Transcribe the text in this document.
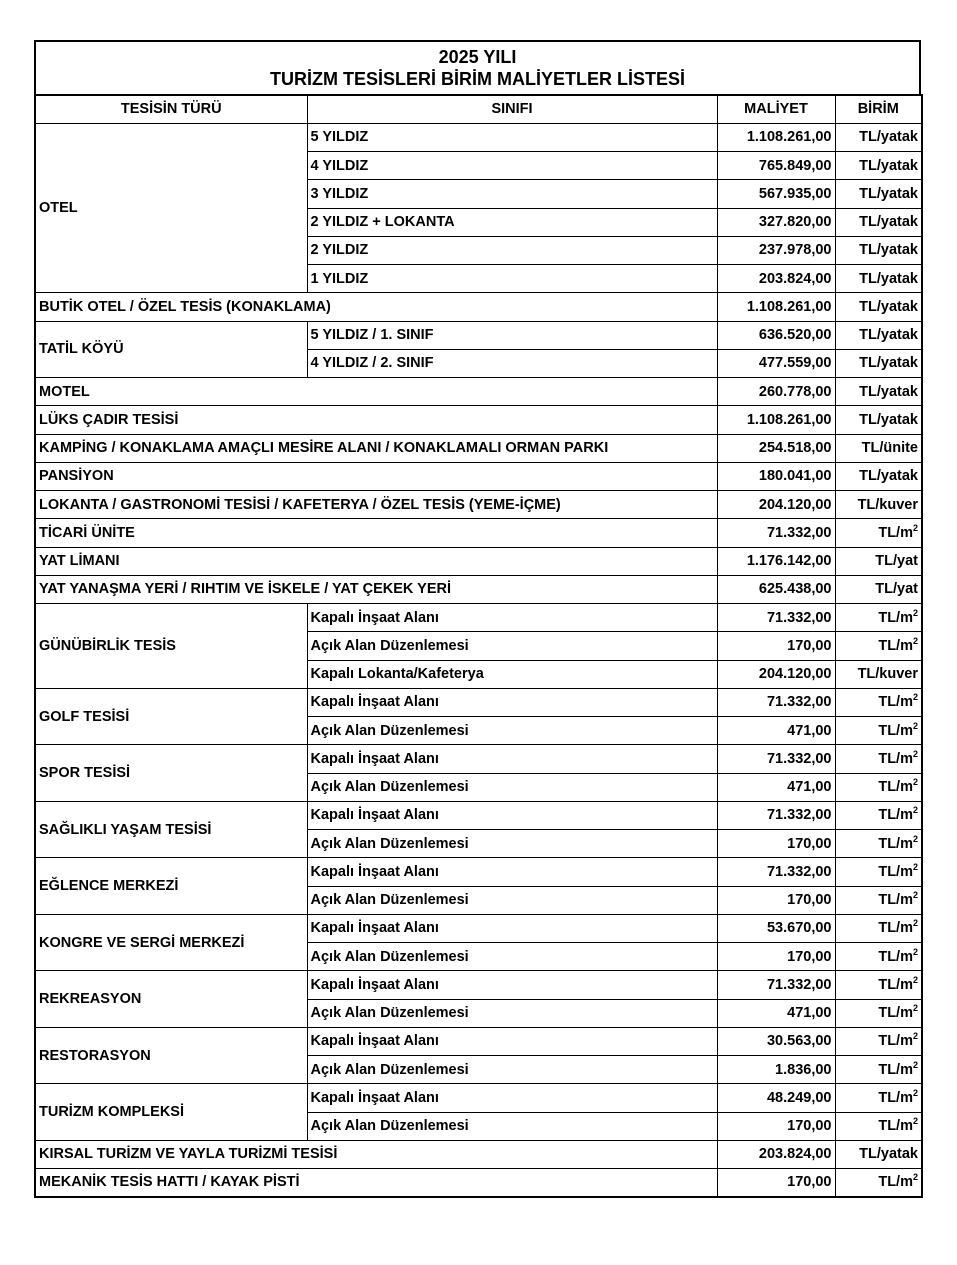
2025 YILI
TURİZM TESİSLERİ BİRİM MALİYETLER LİSTESİ
TESİSİN TÜRÜ	SINIFI	MALİYET	BİRİM
OTEL	5 YILDIZ	1.108.261,00	TL/yatak
	4 YILDIZ	765.849,00	TL/yatak
	3 YILDIZ	567.935,00	TL/yatak
	2 YILDIZ + LOKANTA	327.820,00	TL/yatak
	2 YILDIZ	237.978,00	TL/yatak
	1 YILDIZ	203.824,00	TL/yatak
BUTİK OTEL / ÖZEL TESİS (KONAKLAMA)		1.108.261,00	TL/yatak
TATİL KÖYÜ	5 YILDIZ / 1. SINIF	636.520,00	TL/yatak
	4 YILDIZ / 2. SINIF	477.559,00	TL/yatak
MOTEL		260.778,00	TL/yatak
LÜKS ÇADIR TESİSİ		1.108.261,00	TL/yatak
KAMPİNG / KONAKLAMA AMAÇLI MESİRE ALANI / KONAKLAMALI ORMAN PARKI		254.518,00	TL/ünite
PANSİYON		180.041,00	TL/yatak
LOKANTA / GASTRONOMİ TESİSİ / KAFETERYA / ÖZEL TESİS (YEME-İÇME)		204.120,00	TL/kuver
TİCARİ ÜNİTE		71.332,00	$TL/m^2$
YAT LİMANI		1.176.142,00	TL/yat
YAT YANAŞMA YERİ / RIHTIM VE İSKELE / YAT ÇEKEK YERİ		625.438,00	TL/yat
GÜNÜBİRLİK TESİS	Kapalı İnşaat Alanı	71.332,00	$TL/m^2$
	Açık Alan Düzenlemesi	170,00	$TL/m^2$
	Kapalı Lokanta/Kafeterya	204.120,00	TL/kuver
GOLF TESİSİ	Kapalı İnşaat Alanı	71.332,00	$TL/m^2$
	Açık Alan Düzenlemesi	471,00	$TL/m^2$
SPOR TESİSİ	Kapalı İnşaat Alanı	71.332,00	$TL/m^2$
	Açık Alan Düzenlemesi	471,00	$TL/m^2$
SAĞLIKLI YAŞAM TESİSİ	Kapalı İnşaat Alanı	71.332,00	$TL/m^2$
	Açık Alan Düzenlemesi	170,00	$TL/m^2$
EĞLENCE MERKEZİ	Kapalı İnşaat Alanı	71.332,00	$TL/m^2$
	Açık Alan Düzenlemesi	170,00	$TL/m^2$
KONGRE VE SERGİ MERKEZİ	Kapalı İnşaat Alanı	53.670,00	$TL/m^2$
	Açık Alan Düzenlemesi	170,00	$TL/m^2$
REKREASYON	Kapalı İnşaat Alanı	71.332,00	$TL/m^2$
	Açık Alan Düzenlemesi	471,00	$TL/m^2$
RESTORASYON	Kapalı İnşaat Alanı	30.563,00	$TL/m^2$
	Açık Alan Düzenlemesi	1.836,00	$TL/m^2$
TURİZM KOMPLEKSİ	Kapalı İnşaat Alanı	48.249,00	$TL/m^2$
	Açık Alan Düzenlemesi	170,00	$TL/m^2$
KIRSAL TURİZM VE YAYLA TURİZMİ TESİSİ		203.824,00	TL/yatak
MEKANİK TESİS HATTI / KAYAK PİSTİ		170,00	$TL/m^2$
